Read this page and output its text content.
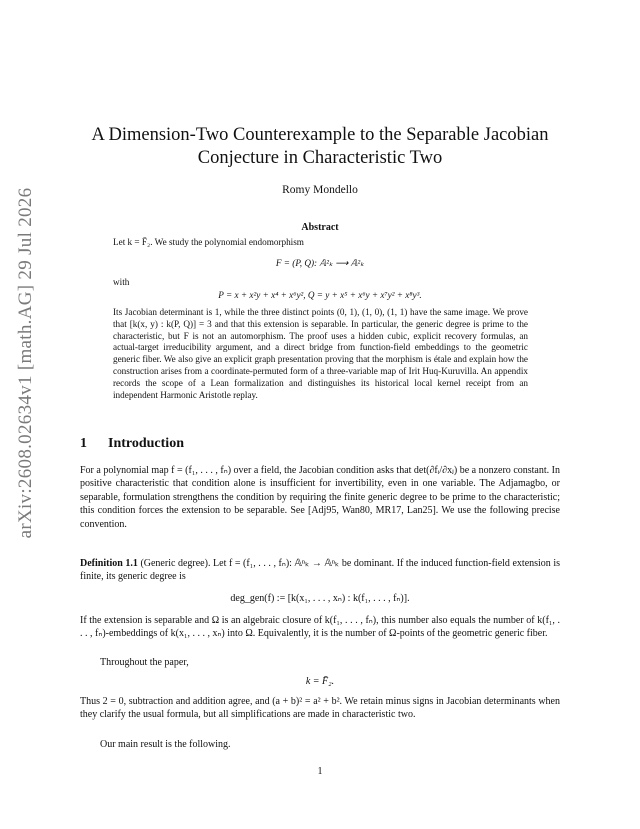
arXiv:2608.02634v1 [math.AG] 29 Jul 2026
A Dimension-Two Counterexample to the Separable Jacobian
Conjecture in Characteristic Two
Romy Mondello
Abstract
Let k = F̄₂. We study the polynomial endomorphism
F = (P, Q): 𝔸²ₖ ⟶ 𝔸²ₖ
with
P = x + x²y + x⁴ + x⁶y², Q = y + x⁵ + x⁶y + x⁷y² + x⁸y³.
Its Jacobian determinant is 1, while the three distinct points (0, 1), (1, 0), (1, 1) have the same image. We prove that [k(x, y) : k(P, Q)] = 3 and that this extension is separable. In particular, the generic degree is prime to the characteristic, but F is not an automorphism. The proof uses a hidden cubic, explicit recovery formulas, an actual-target irreducibility argument, and a direct bridge from function-field embeddings to the geometric generic fiber. We also give an explicit graph presentation proving that the morphism is étale and explain how the construction arises from a coordinate-permuted form of a three-variable map of Irit Huq-Kuruvilla. An appendix records the scope of a Lean formalization and distinguishes its historical local kernel receipt from an independent Harmonic Aristotle replay.
1 Introduction
For a polynomial map f = (f₁, . . . , fₙ) over a field, the Jacobian condition asks that det(∂fᵢ/∂xⱼ) be a nonzero constant. In positive characteristic that condition alone is insufficient for invertibility, even in one variable. The Adjamagbo, or separable, formulation strengthens the condition by requiring the finite generic degree to be prime to the characteristic; this condition forces the extension to be separable. See [Adj95, Wan80, MR17, Lan25]. We use the following precise convention.
Definition 1.1 (Generic degree). Let f = (f₁, . . . , fₙ): 𝔸ⁿₖ → 𝔸ⁿₖ be dominant. If the induced function-field extension is finite, its generic degree is
deg_gen(f) := [k(x₁, . . . , xₙ) : k(f₁, . . . , fₙ)].
If the extension is separable and Ω is an algebraic closure of k(f₁, . . . , fₙ), this number also equals the number of k(f₁, . . . , fₙ)-embeddings of k(x₁, . . . , xₙ) into Ω. Equivalently, it is the number of Ω-points of the geometric generic fiber.
Throughout the paper,
k = F̄₂.
Thus 2 = 0, subtraction and addition agree, and (a + b)² = a² + b². We retain minus signs in Jacobian determinants when they clarify the usual formula, but all simplifications are made in characteristic two.
Our main result is the following.
1
